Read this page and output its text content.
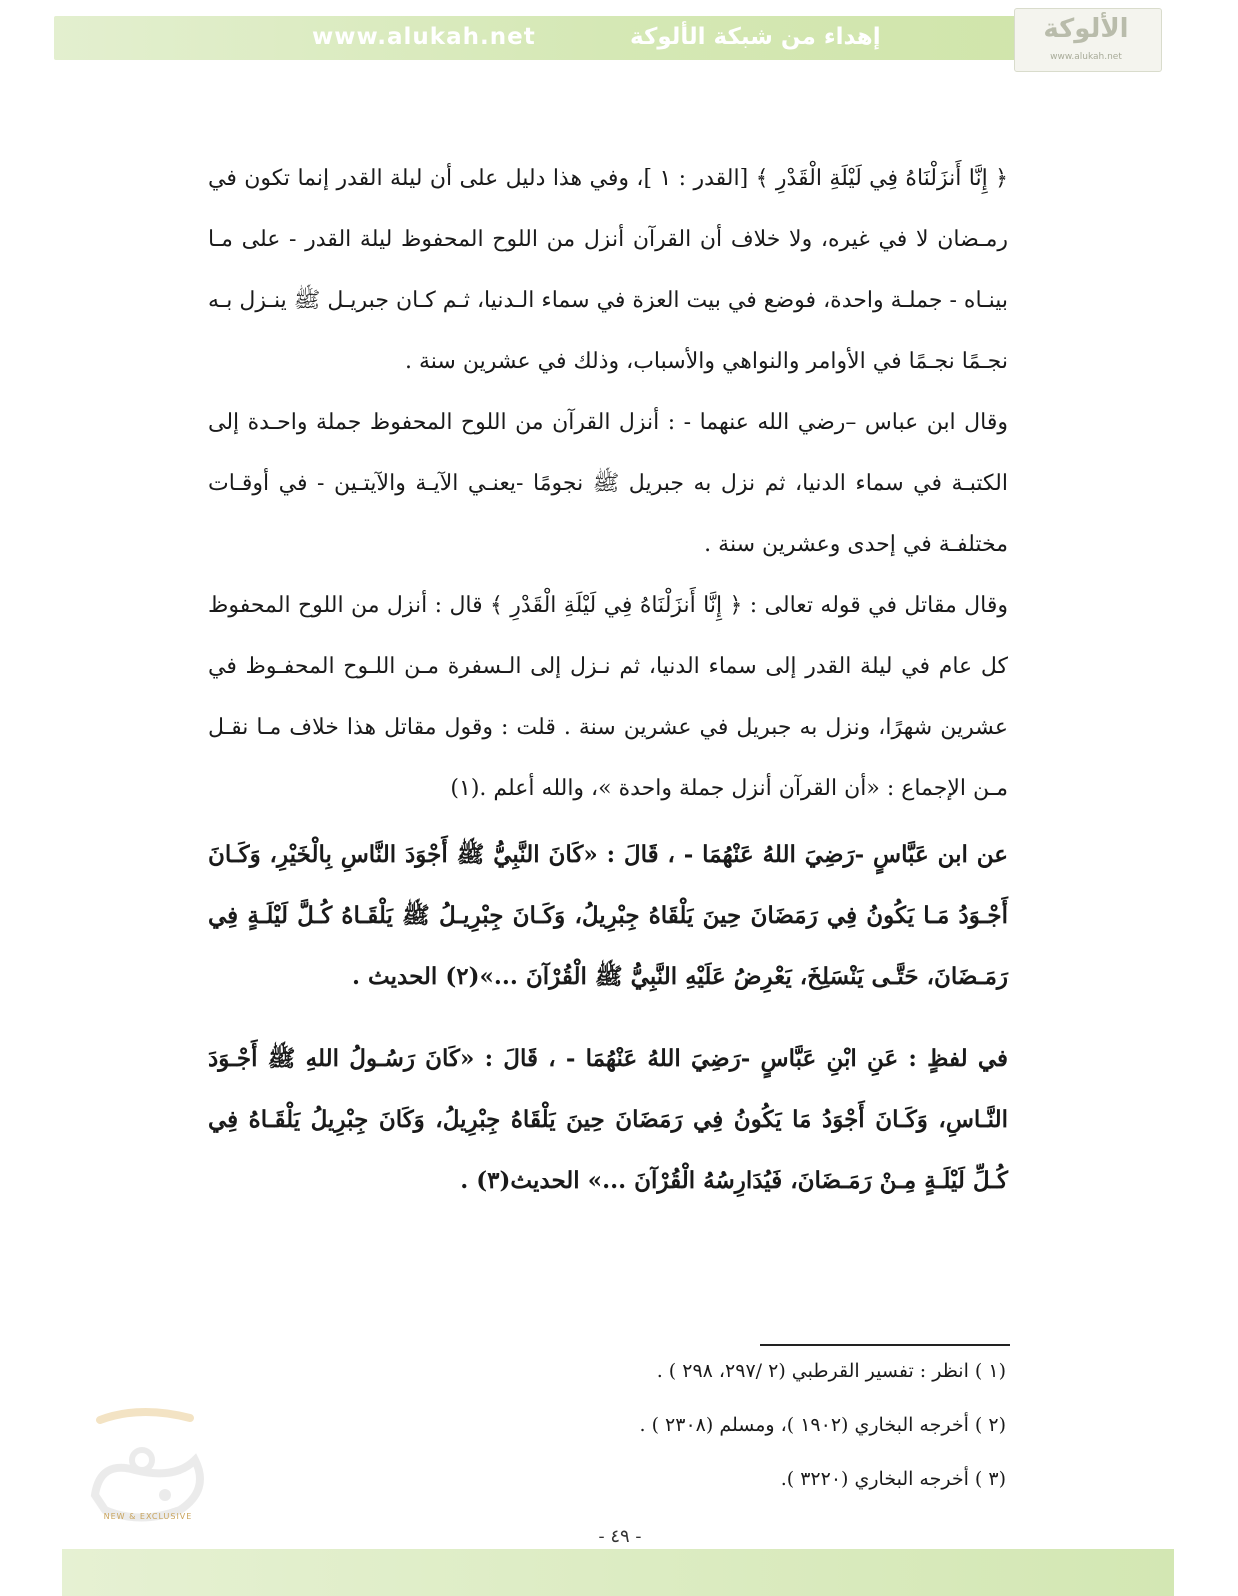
www.alukah.net	إهداء من شبكة الألوكة	الألوكة
www.alukah.net

﴿ إِنَّا أَنزَلْنَاهُ فِي لَيْلَةِ الْقَدْرِ ﴾ [القدر : ١ ]، وفي هذا دليل على أن ليلة القدر إنما تكون في رمـضان لا في غيره، ولا خلاف أن القرآن أنزل من اللوح المحفوظ ليلة القدر - على مـا بينـاه - جملـة واحدة، فوضع في بيت العزة في سماء الـدنيا، ثـم كـان جبريـل ﷺ ينـزل بـه نجـمًا نجـمًا في الأوامر والنواهي والأسباب، وذلك في عشرين سنة .

وقال ابن عباس –رضي الله عنهما - : أنزل القرآن من اللوح المحفوظ جملة واحـدة إلى الكتبـة في سماء الدنيا، ثم نزل به جبريل ﷺ نجومًا -يعنـي الآيـة والآيتـين - في أوقـات مختلفـة في إحدى وعشرين سنة .

وقال مقاتل في قوله تعالى : ﴿ إِنَّا أَنزَلْنَاهُ فِي لَيْلَةِ الْقَدْرِ ﴾ قال : أنزل من اللوح المحفوظ كل عام في ليلة القدر إلى سماء الدنيا، ثم نـزل إلى الـسفرة مـن اللـوح المحفـوظ في عشرين شهرًا، ونزل به جبريل في عشرين سنة . قلت : وقول مقاتل هذا خلاف مـا نقـل مـن الإجماع : «أن القرآن أنزل جملة واحدة »، والله أعلم .(١)

عن ابن عَبَّاسٍ -رَضِيَ اللهُ عَنْهُمَا - ، قَالَ : «كَانَ النَّبِيُّ ﷺ أَجْوَدَ النَّاسِ بِالْخَيْرِ، وَكَـانَ أَجْـوَدُ مَـا يَكُونُ فِي رَمَضَانَ حِينَ يَلْقَاهُ جِبْرِيلُ، وَكَـانَ جِبْرِيـلُ ﷺ يَلْقَـاهُ كُـلَّ لَيْلَـةٍ فِي رَمَـضَانَ، حَتَّـى يَنْسَلِخَ، يَعْرِضُ عَلَيْهِ النَّبِيُّ ﷺ الْقُرْآنَ ...»(٢) الحديث .

في لفظٍ : عَنِ ابْنِ عَبَّاسٍ -رَضِيَ اللهُ عَنْهُمَا - ، قَالَ : «كَانَ رَسُـولُ اللهِ ﷺ أَجْـوَدَ النَّـاسِ، وَكَـانَ أَجْوَدُ مَا يَكُونُ فِي رَمَضَانَ حِينَ يَلْقَاهُ جِبْرِيلُ، وَكَانَ جِبْرِيلُ يَلْقَـاهُ فِي كُـلِّ لَيْلَـةٍ مِـنْ رَمَـضَانَ، فَيُدَارِسُهُ الْقُرْآنَ ...» الحديث(٣) .

(١ ) انظر : تفسير القرطبي (٢ /٢٩٧، ٢٩٨ ) .

(٢ ) أخرجه البخاري (١٩٠٢ )، ومسلم (٢٣٠٨ ) .

(٣ ) أخرجه البخاري (٣٢٢٠ ).

NEW & EXCLUSIVE
- ٤٩ -
